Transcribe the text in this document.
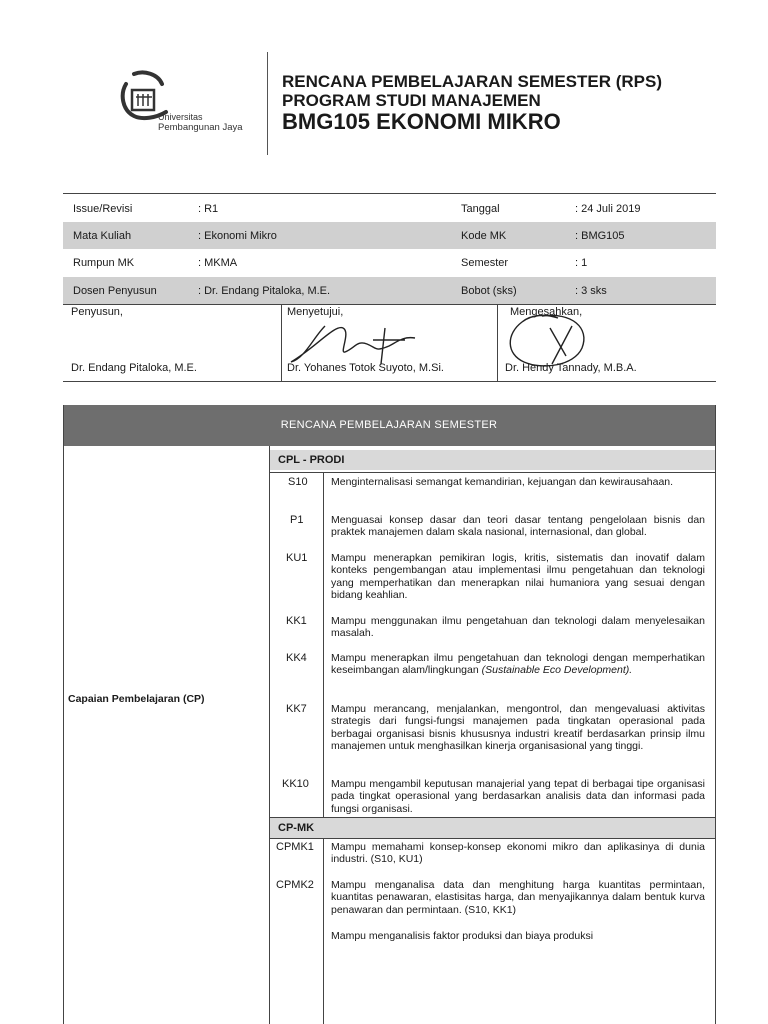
Universitas
Pembangunan Jaya
RENCANA PEMBELAJARAN SEMESTER (RPS)
PROGRAM STUDI MANAJEMEN
BMG105 EKONOMI MIKRO
Issue/Revisi	: R1	Tanggal	: 24 Juli 2019
Mata Kuliah	: Ekonomi Mikro	Kode MK	: BMG105
Rumpun MK	: MKMA	Semester	: 1
Dosen Penyusun	: Dr. Endang Pitaloka, M.E.	Bobot (sks)	: 3 sks
Penyusun,	Menyetujui,	Mengesahkan,
Dr. Endang Pitaloka, M.E.	Dr. Yohanes Totok Suyoto, M.Si.	Dr. Hendy Tannady, M.B.A.
RENCANA PEMBELAJARAN SEMESTER
Capaian Pembelajaran (CP)
CPL - PRODI
S10 Menginternalisasi semangat kemandirian, kejuangan dan kewirausahaan.
P1	Menguasai konsep dasar dan teori dasar tentang pengelolaan bisnis dan praktek manajemen dalam skala nasional, internasional, dan global.
KU1 Mampu menerapkan pemikiran logis, kritis, sistematis dan inovatif dalam konteks pengembangan atau implementasi ilmu pengetahuan dan teknologi yang memperhatikan dan menerapkan nilai humaniora yang sesuai dengan bidang keahlian.
KK1 Mampu menggunakan ilmu pengetahuan dan teknologi dalam menyelesaikan masalah.
KK4 Mampu menerapkan ilmu pengetahuan dan teknologi dengan memperhatikan keseimbangan alam/lingkungan (Sustainable Eco Development).
KK7 Mampu merancang, menjalankan, mengontrol, dan mengevaluasi aktivitas strategis dari fungsi-fungsi manajemen pada tingkatan operasional pada berbagai organisasi bisnis khususnya industri kreatif berdasarkan prinsip ilmu manajemen untuk menghasilkan kinerja organisasional yang tinggi.
KK10 Mampu mengambil keputusan manajerial yang tepat di berbagai tipe organisasi pada tingkat operasional yang berdasarkan analisis data dan informasi pada fungsi organisasi.
CP-MK
CPMK1 Mampu memahami konsep-konsep ekonomi mikro dan aplikasinya di dunia industri. (S10, KU1)
CPMK2 Mampu menganalisa data dan menghitung harga kuantitas permintaan, kuantitas penawaran, elastisitas harga, dan menyajikannya dalam bentuk kurva penawaran dan permintaan. (S10, KK1)
Mampu menganalisis faktor produksi dan biaya produksi
